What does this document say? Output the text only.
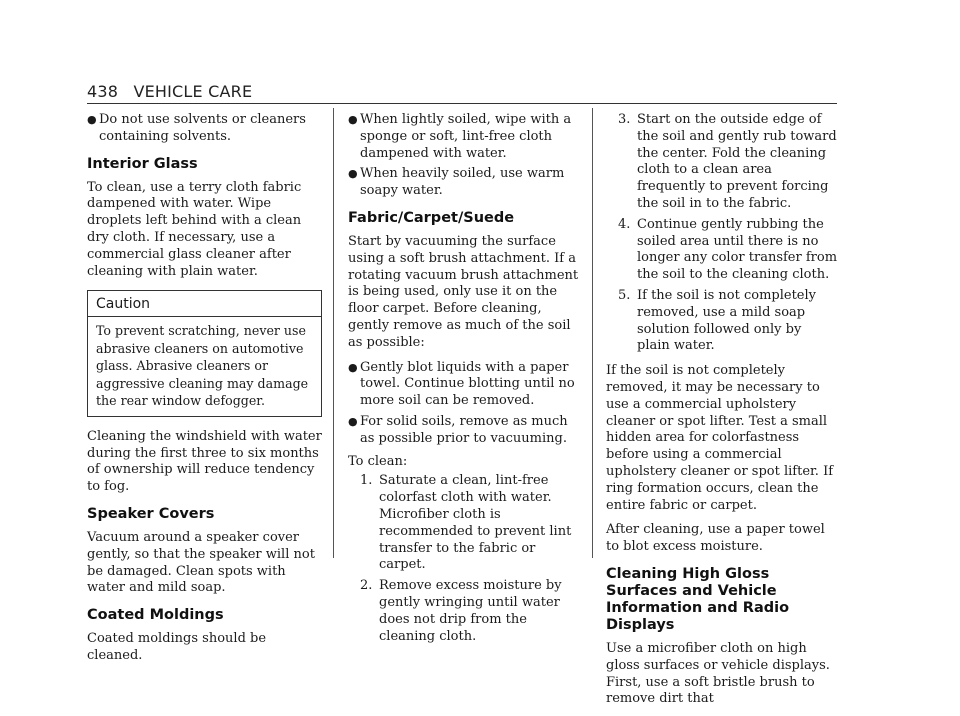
438 VEHICLE CARE
● Do not use solvents or cleaners containing solvents.
Interior Glass

To clean, use a terry cloth fabric dampened with water. Wipe droplets left behind with a clean dry cloth. If necessary, use a commercial glass cleaner after cleaning with plain water.

Caution
To prevent scratching, never use abrasive cleaners on automotive glass. Abrasive cleaners or aggressive cleaning may damage the rear window defogger.

Cleaning the windshield with water during the first three to six months of ownership will reduce tendency to fog.

Speaker Covers

Vacuum around a speaker cover gently, so that the speaker will not be damaged. Clean spots with water and mild soap.

Coated Moldings

Coated moldings should be cleaned.

● When lightly soiled, wipe with a sponge or soft, lint-free cloth dampened with water.
● When heavily soiled, use warm soapy water.
Fabric/Carpet/Suede

Start by vacuuming the surface using a soft brush attachment. If a rotating vacuum brush attachment is being used, only use it on the floor carpet. Before cleaning, gently remove as much of the soil as possible:

● Gently blot liquids with a paper towel. Continue blotting until no more soil can be removed.
● For solid soils, remove as much as possible prior to vacuuming.

To clean:

1. Saturate a clean, lint-free colorfast cloth with water. Microfiber cloth is recommended to prevent lint transfer to the fabric or carpet.
2. Remove excess moisture by gently wringing until water does not drip from the cleaning cloth.
3. Start on the outside edge of the soil and gently rub toward the center. Fold the cleaning cloth to a clean area frequently to prevent forcing the soil in to the fabric.
4. Continue gently rubbing the soiled area until there is no longer any color transfer from the soil to the cleaning cloth.
5. If the soil is not completely removed, use a mild soap solution followed only by plain water.

If the soil is not completely removed, it may be necessary to use a commercial upholstery cleaner or spot lifter. Test a small hidden area for colorfastness before using a commercial upholstery cleaner or spot lifter. If ring formation occurs, clean the entire fabric or carpet.

After cleaning, use a paper towel to blot excess moisture.

Cleaning High Gloss Surfaces and Vehicle Information and Radio Displays

Use a microfiber cloth on high gloss surfaces or vehicle displays. First, use a soft bristle brush to remove dirt that
